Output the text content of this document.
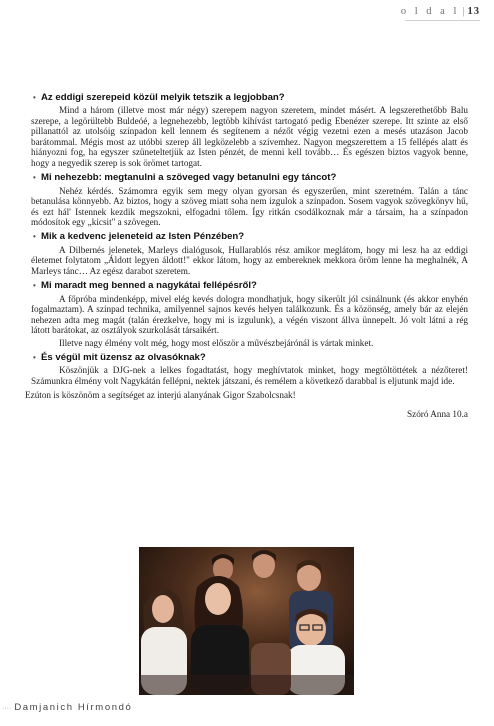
o l d a l | 13
• Az eddigi szerepeid közül melyik tetszik a legjobban?

Mind a három (illetve most már négy) szerepem nagyon szeretem, mindet másért. A legszerethetőbb Balu szerepe, a legörültebb Buldeóé, a legnehezebb, legtöbb kihívást tartogató pedig Ebenézer szerepe. Itt szinte az első pillanattól az utolsóig színpadon kell lennem és segítenem a nézőt végig vezetni ezen a mesés utazáson Jacob barátommal. Mégis most az utóbbi szerep áll legközelebb a szívemhez. Nagyon megszerettem a 15 fellépés alatt és hiányozni fog, ha egyszer szüneteltetjük az Isten pénzét, de menni kell tovább… És egészen biztos vagyok benne, hogy a negyedik szerep is sok örömet tartogat.

• Mi nehezebb: megtanulni a szöveged vagy betanulni egy táncot?

Nehéz kérdés. Számomra egyik sem megy olyan gyorsan és egyszerűen, mint szeretném. Talán a tánc betanulása könnyebb. Az biztos, hogy a szöveg miatt soha nem izgulok a színpadon. Sosem vagyok szövegkönyv hű, és ezt hál' Istennek kezdik megszokni, elfogadni tőlem. Így ritkán csodálkoznak már a társaim, ha a színpadon módosítok egy „kicsit" a szövegen.

• Mik a kedvenc jeleneteid az Isten Pénzében?

A Dilbernés jelenetek, Marleys dialógusok, Hullarablós rész amikor meglátom, hogy mi lesz ha az eddigi életemet folytatom „Áldott legyen áldott!" ekkor látom, hogy az embereknek mekkora öröm lenne ha meghalnék, A Marleys tánc… Az egész darabot szeretem.

• Mi maradt meg benned a nagykátai fellépésről?

A főpróba mindenképp, mivel elég kevés dologra mondhatjuk, hogy sikerült jól csinálnunk (és akkor enyhén fogalmaztam). A színpad technika, amilyennel sajnos kevés helyen találkozunk. És a közönség, amely bár az elején nehezen adta meg magát (talán érezkelve, hogy mi is izgulunk), a végén viszont állva ünnepelt. Jó volt látni a rég látott barátokat, az osztályok szurkolását társaikért.

Illetve nagy élmény volt még, hogy most először a művészbejárónál is vártak minket.

• És végül mit üzensz az olvasóknak?

Köszönjük a DJG-nek a lelkes fogadtatást, hogy meghívtatok minket, hogy megtöltöttétek a nézőteret! Számunkra élmény volt Nagykátán fellépni, nektek játszani, és remélem a következő darabbal is eljutunk majd ide.

Ezúton is köszönöm a segítséget az interjú alanyának Gigor Szabolcsnak!

Szóró Anna 10.a
···· Damjanich Hírmondó
